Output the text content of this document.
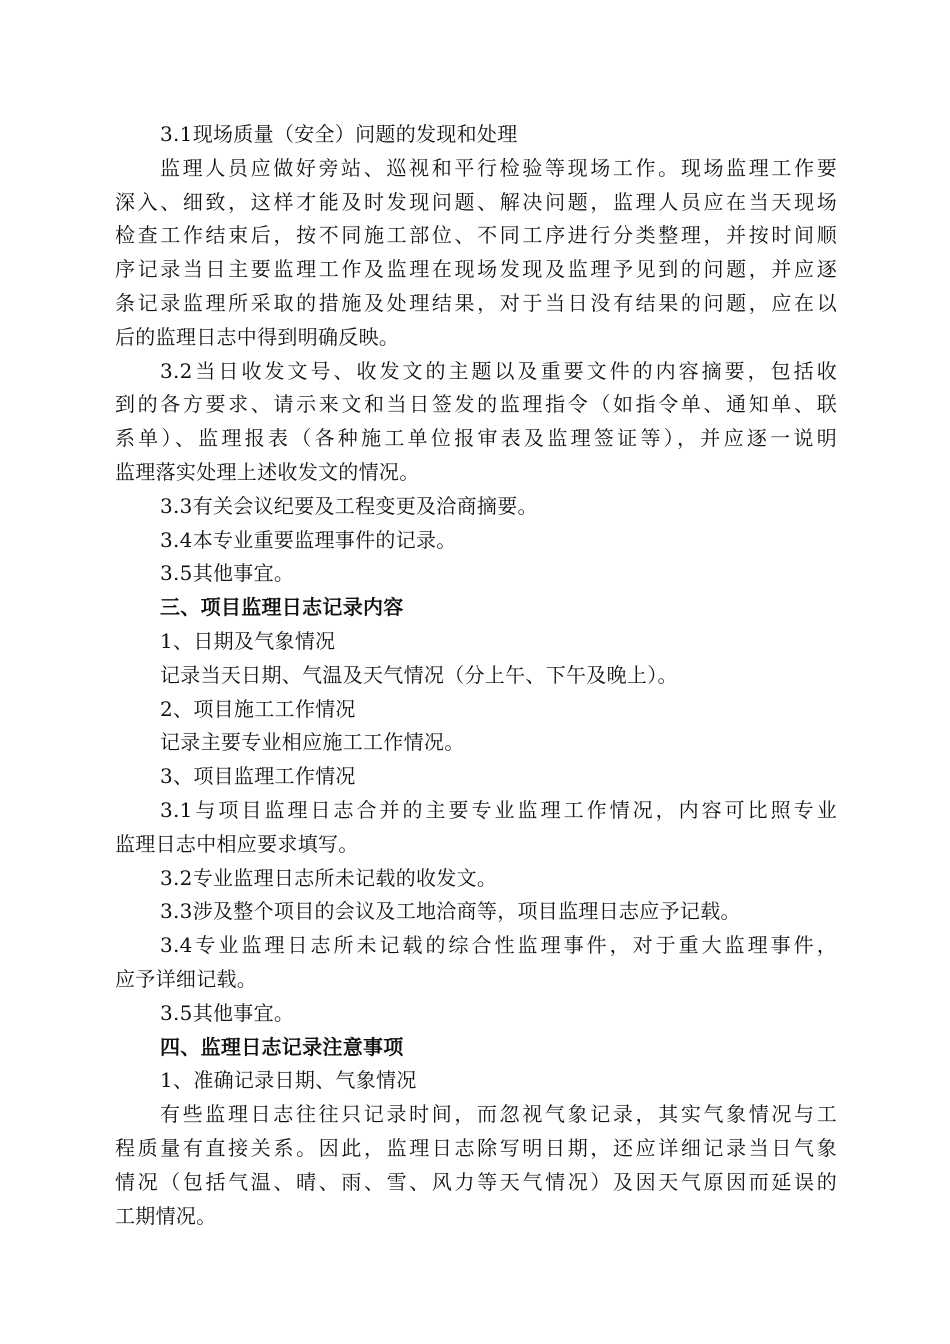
3.1现场质量（安全）问题的发现和处理
监理人员应做好旁站、巡视和平行检验等现场工作。现场监理工作要
深入、细致，这样才能及时发现问题、解决问题，监理人员应在当天现场
检查工作结束后，按不同施工部位、不同工序进行分类整理，并按时间顺
序记录当日主要监理工作及监理在现场发现及监理予见到的问题，并应逐
条记录监理所采取的措施及处理结果，对于当日没有结果的问题，应在以
后的监理日志中得到明确反映。
3.2当日收发文号、收发文的主题以及重要文件的内容摘要，包括收
到的各方要求、请示来文和当日签发的监理指令（如指令单、通知单、联
系单）、监理报表（各种施工单位报审表及监理签证等），并应逐一说明
监理落实处理上述收发文的情况。
3.3有关会议纪要及工程变更及洽商摘要。
3.4本专业重要监理事件的记录。
3.5其他事宜。
三、项目监理日志记录内容
1、日期及气象情况
记录当天日期、气温及天气情况（分上午、下午及晚上）。
2、项目施工工作情况
记录主要专业相应施工工作情况。
3、项目监理工作情况
3.1与项目监理日志合并的主要专业监理工作情况，内容可比照专业
监理日志中相应要求填写。
3.2专业监理日志所未记载的收发文。
3.3涉及整个项目的会议及工地洽商等，项目监理日志应予记载。
3.4专业监理日志所未记载的综合性监理事件，对于重大监理事件，
应予详细记载。
3.5其他事宜。
四、监理日志记录注意事项
1、准确记录日期、气象情况
有些监理日志往往只记录时间，而忽视气象记录，其实气象情况与工
程质量有直接关系。因此，监理日志除写明日期，还应详细记录当日气象
情况（包括气温、晴、雨、雪、风力等天气情况）及因天气原因而延误的
工期情况。
